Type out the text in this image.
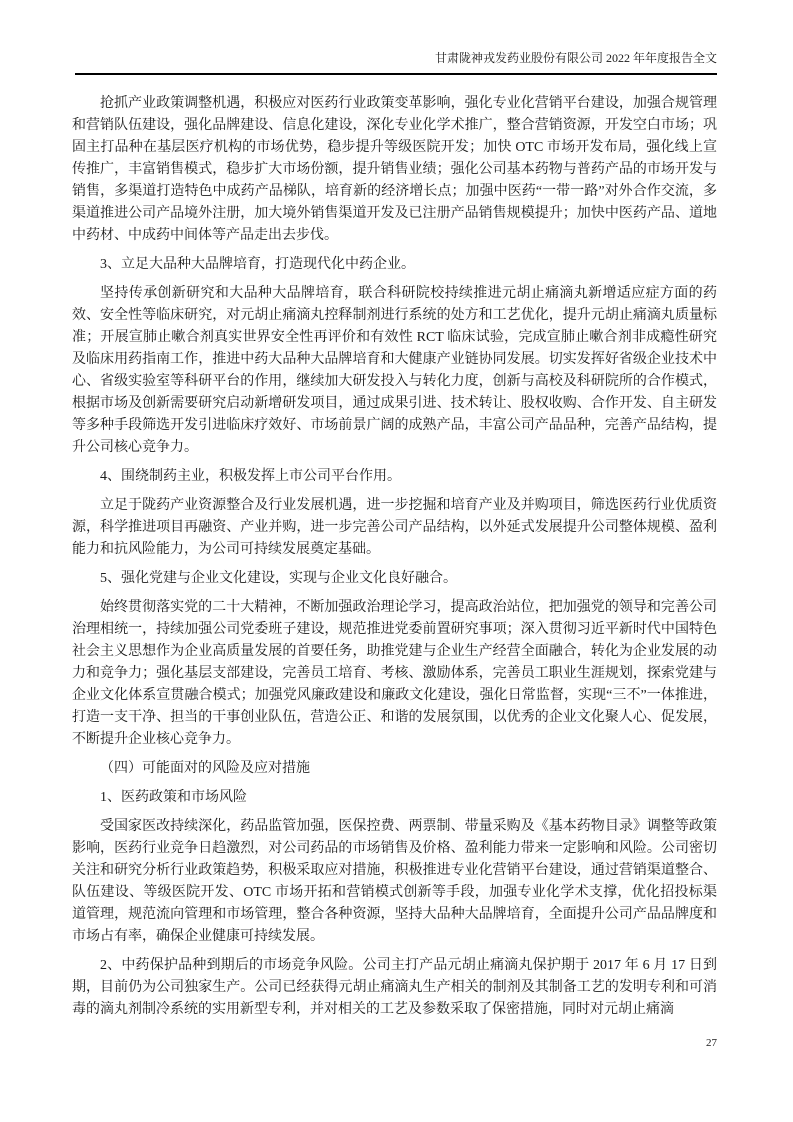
甘肃陇神戎发药业股份有限公司 2022 年年度报告全文

抢抓产业政策调整机遇，积极应对医药行业政策变革影响，强化专业化营销平台建设，加强合规管理和营销队伍建设，强化品牌建设、信息化建设，深化专业化学术推广，整合营销资源，开发空白市场；巩固主打品种在基层医疗机构的市场优势，稳步提升等级医院开发；加快 OTC 市场开发布局，强化线上宣传推广，丰富销售模式，稳步扩大市场份额，提升销售业绩；强化公司基本药物与普药产品的市场开发与销售，多渠道打造特色中成药产品梯队，培育新的经济增长点；加强中医药“一带一路”对外合作交流，多渠道推进公司产品境外注册，加大境外销售渠道开发及已注册产品销售规模提升；加快中医药产品、道地中药材、中成药中间体等产品走出去步伐。

3、立足大品种大品牌培育，打造现代化中药企业。

坚持传承创新研究和大品种大品牌培育，联合科研院校持续推进元胡止痛滴丸新增适应症方面的药效、安全性等临床研究，对元胡止痛滴丸控释制剂进行系统的处方和工艺优化，提升元胡止痛滴丸质量标准；开展宣肺止嗽合剂真实世界安全性再评价和有效性 RCT 临床试验，完成宣肺止嗽合剂非成瘾性研究及临床用药指南工作，推进中药大品种大品牌培育和大健康产业链协同发展。切实发挥好省级企业技术中心、省级实验室等科研平台的作用，继续加大研发投入与转化力度，创新与高校及科研院所的合作模式，根据市场及创新需要研究启动新增研发项目，通过成果引进、技术转让、股权收购、合作开发、自主研发等多种手段筛选开发引进临床疗效好、市场前景广阔的成熟产品，丰富公司产品品种，完善产品结构，提升公司核心竞争力。

4、围绕制药主业，积极发挥上市公司平台作用。

立足于陇药产业资源整合及行业发展机遇，进一步挖掘和培育产业及并购项目，筛选医药行业优质资源，科学推进项目再融资、产业并购，进一步完善公司产品结构，以外延式发展提升公司整体规模、盈利能力和抗风险能力，为公司可持续发展奠定基础。

5、强化党建与企业文化建设，实现与企业文化良好融合。

始终贯彻落实党的二十大精神，不断加强政治理论学习，提高政治站位，把加强党的领导和完善公司治理相统一，持续加强公司党委班子建设，规范推进党委前置研究事项；深入贯彻习近平新时代中国特色社会主义思想作为企业高质量发展的首要任务，助推党建与企业生产经营全面融合，转化为企业发展的动力和竞争力；强化基层支部建设，完善员工培育、考核、激励体系，完善员工职业生涯规划，探索党建与企业文化体系宣贯融合模式；加强党风廉政建设和廉政文化建设，强化日常监督，实现“三不”一体推进，打造一支干净、担当的干事创业队伍，营造公正、和谐的发展氛围，以优秀的企业文化聚人心、促发展，不断提升企业核心竞争力。

（四）可能面对的风险及应对措施

1、医药政策和市场风险

受国家医改持续深化，药品监管加强，医保控费、两票制、带量采购及《基本药物目录》调整等政策影响，医药行业竞争日趋激烈，对公司药品的市场销售及价格、盈利能力带来一定影响和风险。公司密切关注和研究分析行业政策趋势，积极采取应对措施，积极推进专业化营销平台建设，通过营销渠道整合、队伍建设、等级医院开发、OTC 市场开拓和营销模式创新等手段，加强专业化学术支撑，优化招投标渠道管理，规范流向管理和市场管理，整合各种资源，坚持大品种大品牌培育，全面提升公司产品品牌度和市场占有率，确保企业健康可持续发展。

2、中药保护品种到期后的市场竞争风险。公司主打产品元胡止痛滴丸保护期于 2017 年 6 月 17 日到期，目前仍为公司独家生产。公司已经获得元胡止痛滴丸生产相关的制剂及其制备工艺的发明专利和可消毒的滴丸剂制冷系统的实用新型专利，并对相关的工艺及参数采取了保密措施，同时对元胡止痛滴

27
